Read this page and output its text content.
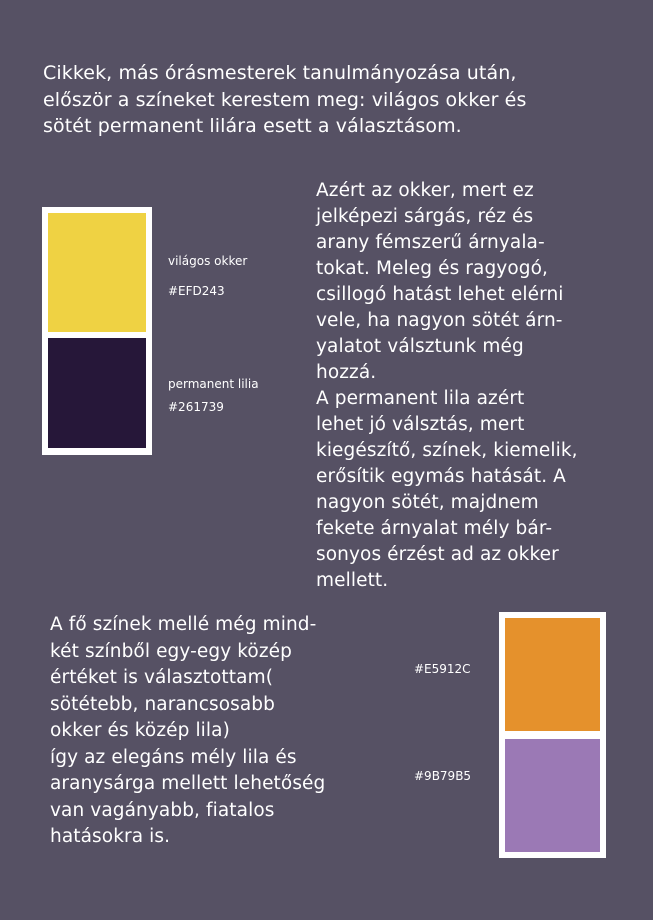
Cikkek, más órásmesterek tanulmányozása után,
először a színeket kerestem meg: világos okker és
sötét permanent lilára esett a választásom.

világos okker
#EFD243
permanent lilia
#261739

Azért az okker, mert ez
jelképezi sárgás, réz és
arany fémszerű árnyala-
tokat. Meleg és ragyogó,
csillogó hatást lehet elérni
vele, ha nagyon sötét árn-
yalatot válsztunk még
hozzá.
A permanent lila azért
lehet jó válsztás, mert
kiegészítő, színek, kiemelik,
erősítik egymás hatását. A
nagyon sötét, majdnem
fekete árnyalat mély bár-
sonyos érzést ad az okker
mellett.

A fő színek mellé még mind-
két színből egy-egy közép
értéket is választottam(
sötétebb, narancsosabb
okker és közép lila)
így az elegáns mély lila és
aranysárga mellett lehetőség
van vagányabb, fiatalos
hatásokra is.

#E5912C
#9B79B5
